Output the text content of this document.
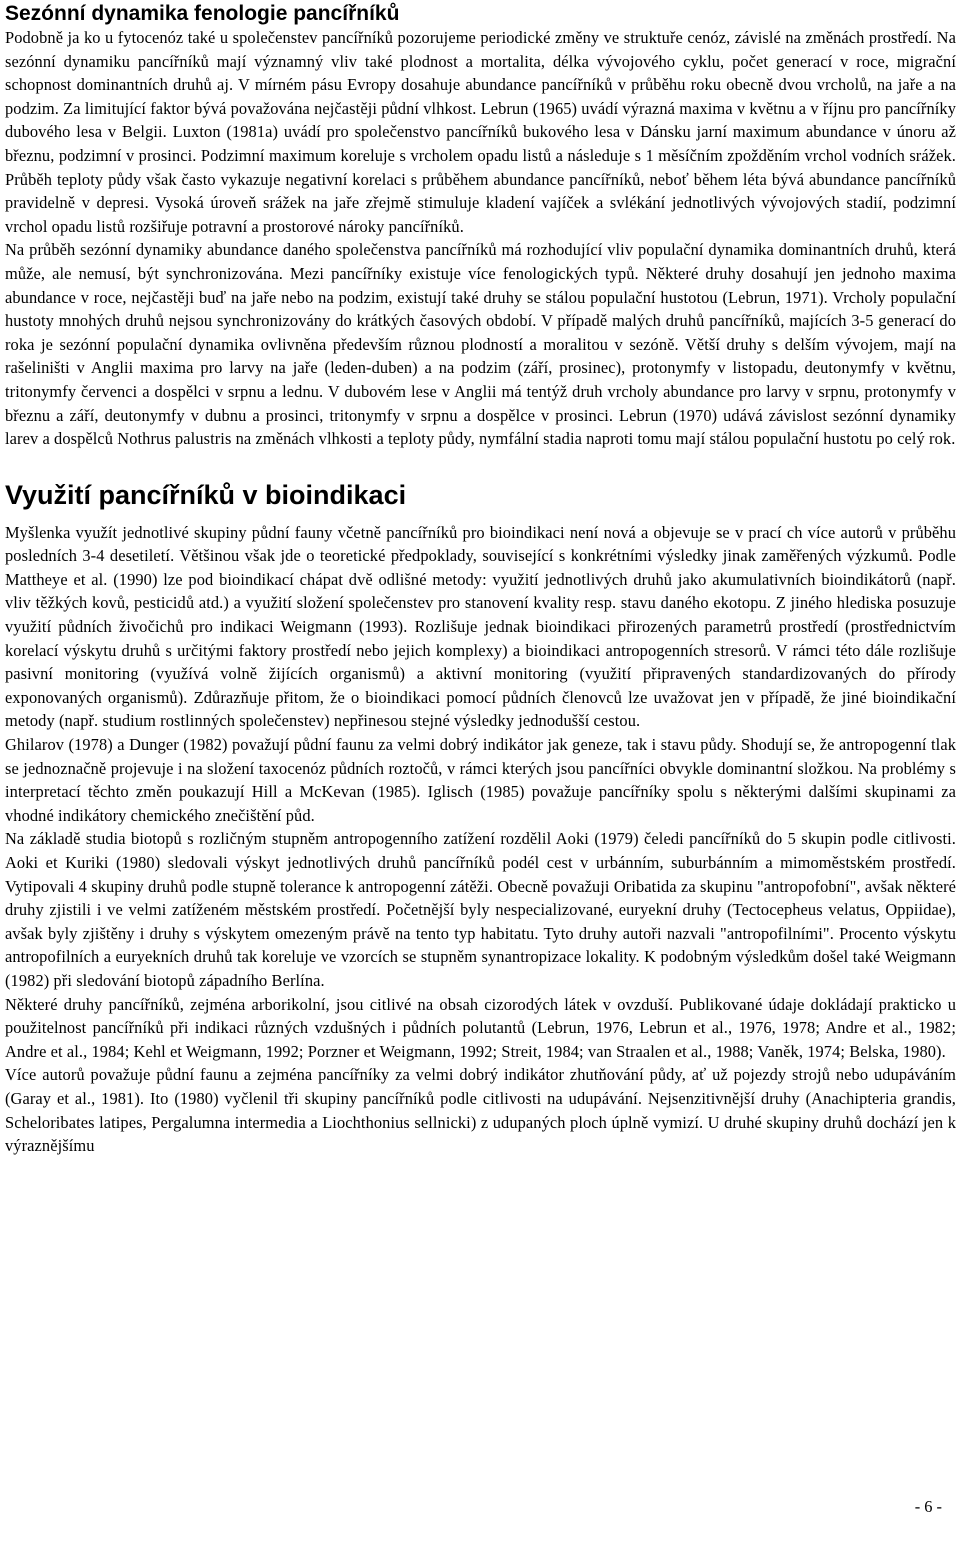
Sezónní dynamika fenologie pancířníků

Podobně ja ko u fytocenóz také u společenstev pancířníků pozorujeme periodické změny ve struktuře cenóz, závislé na změnách prostředí. Na sezónní dynamiku pancířníků mají významný vliv také plodnost a mortalita, délka vývojového cyklu, počet generací v roce, migrační schopnost dominantních druhů aj. V mírném pásu Evropy dosahuje abundance pancířníků v průběhu roku obecně dvou vrcholů, na jaře a na podzim. Za limitující faktor bývá považována nejčastěji půdní vlhkost. Lebrun (1965) uvádí výrazná maxima v květnu a v říjnu pro pancířníky dubového lesa v Belgii. Luxton (1981a) uvádí pro společenstvo pancířníků bukového lesa v Dánsku jarní maximum abundance v únoru až březnu, podzimní v prosinci. Podzimní maximum koreluje s vrcholem opadu listů a následuje s 1 měsíčním zpožděním vrchol vodních srážek. Průběh teploty půdy však často vykazuje negativní korelaci s průběhem abundance pancířníků, neboť během léta bývá abundance pancířníků pravidelně v depresi. Vysoká úroveň srážek na jaře zřejmě stimuluje kladení vajíček a svlékání jednotlivých vývojových stadií, podzimní vrchol opadu listů rozšiřuje potravní a prostorové nároky pancířníků.

Na průběh sezónní dynamiky abundance daného společenstva pancířníků má rozhodující vliv populační dynamika dominantních druhů, která může, ale nemusí, být synchronizována. Mezi pancířníky existuje více fenologických typů. Některé druhy dosahují jen jednoho maxima abundance v roce, nejčastěji buď na jaře nebo na podzim, existují také druhy se stálou populační hustotou (Lebrun, 1971). Vrcholy populační hustoty mnohých druhů nejsou synchronizovány do krátkých časových období. V případě malých druhů pancířníků, majících 3-5 generací do roka je sezónní populační dynamika ovlivněna především různou plodností a moralitou v sezóně. Větší druhy s delším vývojem, mají na rašeliništi v Anglii maxima pro larvy na jaře (leden-duben) a na podzim (září, prosinec), protonymfy v listopadu, deutonymfy v květnu, tritonymfy červenci a dospělci v srpnu a lednu. V dubovém lese v Anglii má tentýž druh vrcholy abundance pro larvy v srpnu, protonymfy v březnu a září, deutonymfy v dubnu a prosinci, tritonymfy v srpnu a dospělce v prosinci. Lebrun (1970) udává závislost sezónní dynamiky larev a dospělců Nothrus palustris na změnách vlhkosti a teploty půdy, nymfální stadia naproti tomu mají stálou populační hustotu po celý rok.

Využití pancířníků v bioindikaci

Myšlenka využít jednotlivé skupiny půdní fauny včetně pancířníků pro bioindikaci není nová a objevuje se v prací ch více autorů v průběhu posledních 3-4 desetiletí. Většinou však jde o teoretické předpoklady, související s konkrétními výsledky jinak zaměřených výzkumů. Podle Mattheye et al. (1990) lze pod bioindikací chápat dvě odlišné metody: využití jednotlivých druhů jako akumulativních bioindikátorů (např. vliv těžkých kovů, pesticidů atd.) a využití složení společenstev pro stanovení kvality resp. stavu daného ekotopu. Z jiného hlediska posuzuje využití půdních živočichů pro indikaci Weigmann (1993). Rozlišuje jednak bioindikaci přirozených parametrů prostředí (prostřednictvím korelací výskytu druhů s určitými faktory prostředí nebo jejich komplexy) a bioindikaci antropogenních stresorů. V rámci této dále rozlišuje pasivní monitoring (využívá volně žijících organismů) a aktivní monitoring (využití připravených standardizovaných do přírody exponovaných organismů). Zdůrazňuje přitom, že o bioindikaci pomocí půdních členovců lze uvažovat jen v případě, že jiné bioindikační metody (např. studium rostlinných společenstev) nepřinesou stejné výsledky jednodušší cestou.

Ghilarov (1978) a Dunger (1982) považují půdní faunu za velmi dobrý indikátor jak geneze, tak i stavu půdy. Shodují se, že antropogenní tlak se jednoznačně projevuje i na složení taxocenóz půdních roztočů, v rámci kterých jsou pancířníci obvykle dominantní složkou. Na problémy s interpretací těchto změn poukazují Hill a McKevan (1985). Iglisch (1985) považuje pancířníky spolu s některými dalšími skupinami za vhodné indikátory chemického znečištění půd.

Na základě studia biotopů s rozličným stupněm antropogenního zatížení rozdělil Aoki (1979) čeledi pancířníků do 5 skupin podle citlivosti. Aoki et Kuriki (1980) sledovali výskyt jednotlivých druhů pancířníků podél cest v urbánním, suburbánním a mimoměstském prostředí. Vytipovali 4 skupiny druhů podle stupně tolerance k antropogenní zátěži. Obecně považuji Oribatida za skupinu "antropofobní", avšak některé druhy zjistili i ve velmi zatíženém městském prostředí. Početnější byly nespecializované, euryekní druhy (Tectocepheus velatus, Oppiidae), avšak byly zjištěny i druhy s výskytem omezeným právě na tento typ habitatu. Tyto druhy autoři nazvali "antropofilními". Procento výskytu antropofilních a euryekních druhů tak koreluje ve vzorcích se stupněm synantropizace lokality. K podobným výsledkům došel také Weigmann (1982) při sledování biotopů západního Berlína.

Některé druhy pancířníků, zejména arborikolní, jsou citlivé na obsah cizorodých látek v ovzduší. Publikované údaje dokládají prakticko u použitelnost pancířníků při indikaci různých vzdušných i půdních polutantů (Lebrun, 1976, Lebrun et al., 1976, 1978; Andre et al., 1982; Andre et al., 1984; Kehl et Weigmann, 1992; Porzner et Weigmann, 1992; Streit, 1984; van Straalen et al., 1988; Vaněk, 1974; Belska, 1980).

Více autorů považuje půdní faunu a zejména pancířníky za velmi dobrý indikátor zhutňování půdy, ať už pojezdy strojů nebo udupáváním (Garay et al., 1981). Ito (1980) vyčlenil tři skupiny pancířníků podle citlivosti na udupávání. Nejsenzitivnější druhy (Anachipteria grandis, Scheloribates latipes, Pergalumna intermedia a Liochthonius sellnicki) z udupaných ploch úplně vymizí. U druhé skupiny druhů dochází jen k výraznějšímu

- 6 -
